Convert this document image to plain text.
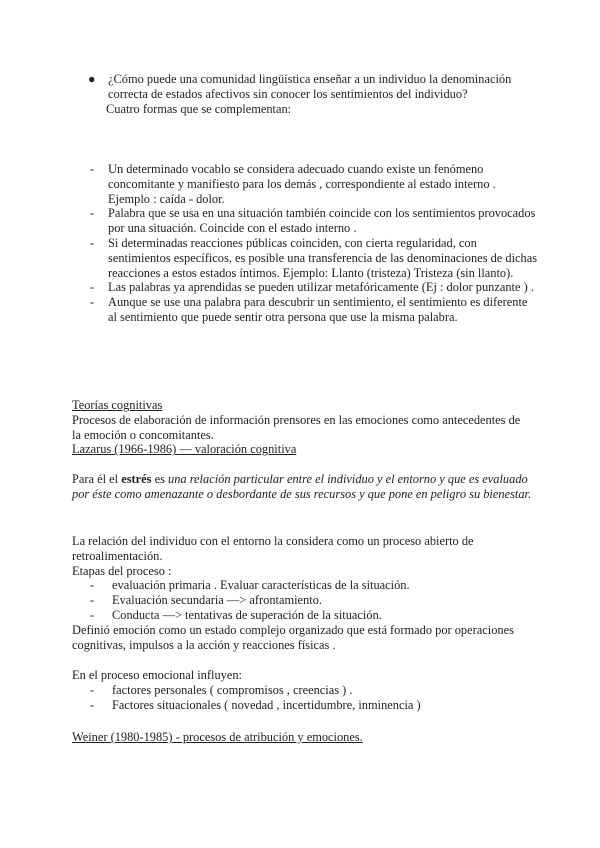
●	¿Cómo puede una comunidad lingüística enseñar a un individuo la denominación correcta de estados afectivos sin conocer los sentimientos del individuo?
Cuatro formas que se complementan:
- Un determinado vocablo se considera adecuado cuando existe un fenómeno concomitante y manifiesto para los demás , correspondiente al estado interno . Ejemplo : caída - dolor.
- Palabra que se usa en una situación también coincide con los sentimientos provocados por una situación. Coincide con el estado interno .
- Si determinadas reacciones públicas coinciden, con cierta regularidad, con sentimientos específicos, es posible una transferencia de las denominaciones de dichas reacciones a estos estados íntimos. Ejemplo: Llanto (tristeza) Tristeza (sin llanto).
- Las palabras ya aprendidas se pueden utilizar metafóricamente (Ej : dolor punzante ) .
- Aunque se use una palabra para descubrir un sentimiento, el sentimiento es diferente al sentimiento que puede sentir otra persona que use la misma palabra.
Teorías cognitivas
Procesos de elaboración de información prensores en las emociones como antecedentes de la emoción o concomitantes.
Lazarus (1966-1986) — valoración cognitiva
Para él el estrés es una relación particular entre el individuo y el entorno y que es evaluado por éste como amenazante o desbordante de sus recursos y que pone en peligro su bienestar.
La relación del individuo con el entorno la considera como un proceso abierto de retroalimentación.
Etapas del proceso :
- evaluación primaria . Evaluar características de la situación.
- Evaluación secundaria —> afrontamiento.
- Conducta —> tentativas de superación de la situación.
Definió emoción como un estado complejo organizado que está formado por operaciones cognitivas, impulsos a la acción y reacciones físicas .
En el proceso emocional influyen:
- factores personales ( compromisos , creencias ) .
- Factores situacionales ( novedad , incertidumbre, inminencia )
Weiner (1980-1985) - procesos de atribución y emociones.
